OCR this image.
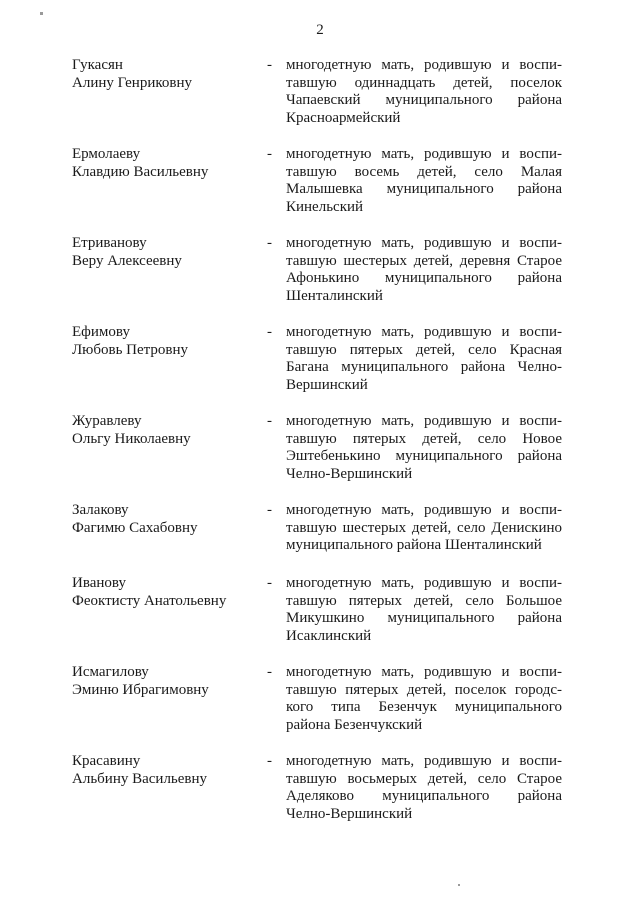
2
Гукасян
Алину Генриковну
- многодетную мать, родившую и воспи-
тавшую одиннадцать детей, поселок
Чапаевский муниципального района
Красноармейский
Ермолаеву
Клавдию Васильевну
- многодетную мать, родившую и воспи-
тавшую восемь детей, село Малая
Малышевка муниципального района
Кинельский
Етриванову
Веру Алексеевну
- многодетную мать, родившую и воспи-
тавшую шестерых детей, деревня Старое
Афонькино муниципального района
Шенталинский
Ефимову
Любовь Петровну
- многодетную мать, родившую и воспи-
тавшую пятерых детей, село Красная
Багана муниципального района Челно-
Вершинский
Журавлеву
Ольгу Николаевну
- многодетную мать, родившую и воспи-
тавшую пятерых детей, село Новое
Эштебенькино муниципального района
Челно-Вершинский
Залакову
Фагимю Сахабовну
- многодетную мать, родившую и воспи-
тавшую шестерых детей, село Денискино
муниципального района Шенталинский
Иванову
Феоктисту Анатольевну
- многодетную мать, родившую и воспи-
тавшую пятерых детей, село Большое
Микушкино муниципального района
Исаклинский
Исмагилову
Эминю Ибрагимовну
- многодетную мать, родившую и воспи-
тавшую пятерых детей, поселок городс-
кого типа Безенчук муниципального
района Безенчукский
Красавину
Альбину Васильевну
- многодетную мать, родившую и воспи-
тавшую восьмерых детей, село Старое
Аделяково муниципального района
Челно-Вершинский
